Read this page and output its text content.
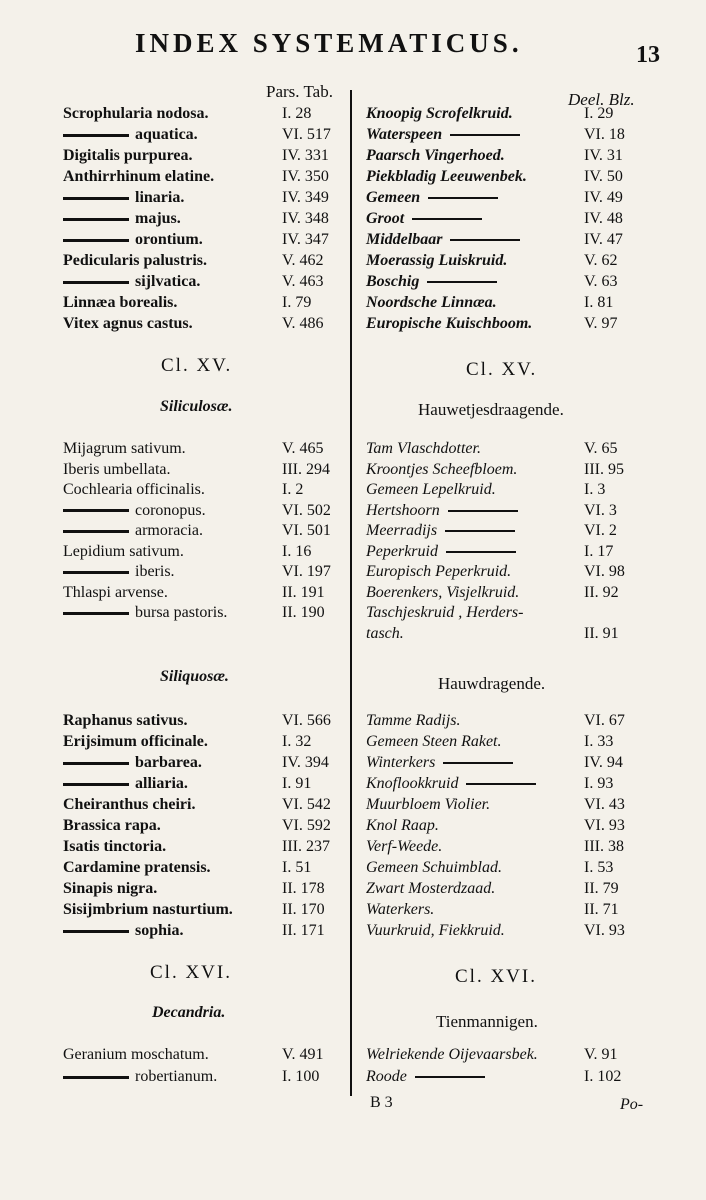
INDEX SYSTEMATICUS.	13
Pars. Tab.	Deel. Blz.
Scrophularia nodosa.	I. 28	Knoopig Scrofelkruid.	I. 29
aquatica.	VI. 517 Waterspeen	VI. 18
Digitalis purpurea.	IV. 331 Paarsch Vingerhoed.	IV. 31
Anthirrhinum elatine.	IV. 350 Piekbladig Leeuwenbek.	IV. 50
linaria.	IV. 349 Gemeen	IV. 49
majus.	IV. 348 Groot	IV. 48
orontium.	IV. 347 Middelbaar	IV. 47
Pedicularis palustris.	V. 462	Moerassig Luiskruid.	V. 62
sijlvatica.	V. 463	Boschig	V. 63
Linnæa borealis.	I. 79	Noordsche Linnæa.	I. 81
Vitex agnus castus.	V. 486	Europische Kuischboom.	V. 97
Cl. XV.	Cl. XV.
Siliculosæ.	Hauwetjesdraagende.
Mijagrum sativum.	V. 465	Tam Vlaschdotter.	V. 65
Iberis umbellata.	III. 294 Kroontjes Scheefbloem.	III. 95
Cochlearia officinalis.	I. 2	Gemeen Lepelkruid.	I. 3
coronopus.	VI. 502 Hertshoorn	VI. 3
armoracia.	VI. 501 Meerradijs	VI. 2
Lepidium sativum.	I. 16	Peperkruid	I. 17
iberis.	VI. 197 Europisch Peperkruid.	VI. 98
Thlaspi arvense.	II. 191	Boerenkers, Visjelkruid.	II. 92
bursa pastoris.	II. 190	Taschjeskruid , Herders-
tasch.	II. 91
Siliquosæ.	Hauwdragende.
Raphanus sativus.	VI. 566 Tamme Radijs.	VI. 67
Erijsimum officinale.	I. 32	Gemeen Steen Raket.	I. 33
barbarea.	IV. 394 Winterkers	IV. 94
alliaria.	I. 91	Knoflookkruid	I. 93
Cheiranthus cheiri.	VI. 542 Muurbloem Violier.	VI. 43
Brassica rapa.	VI. 592 Knol Raap.	VI. 93
Isatis tinctoria.	III. 237 Verf-Weede.	III. 38
Cardamine pratensis.	I. 51	Gemeen Schuimblad.	I. 53
Sinapis nigra.	II. 178	Zwart Mosterdzaad.	II. 79
Sisijmbrium nasturtium.	II. 170	Waterkers.	II. 71
sophia.	II. 171	Vuurkruid, Fiekkruid.	VI. 93
Cl. XVI.	Cl. XVI.
Decandria.	Tienmannigen.
Geranium moschatum.	V. 491	Welriekende Oijevaarsbek.	V. 91
robertianum.	I. 100	Roode	I. 102
B 3	Po-
